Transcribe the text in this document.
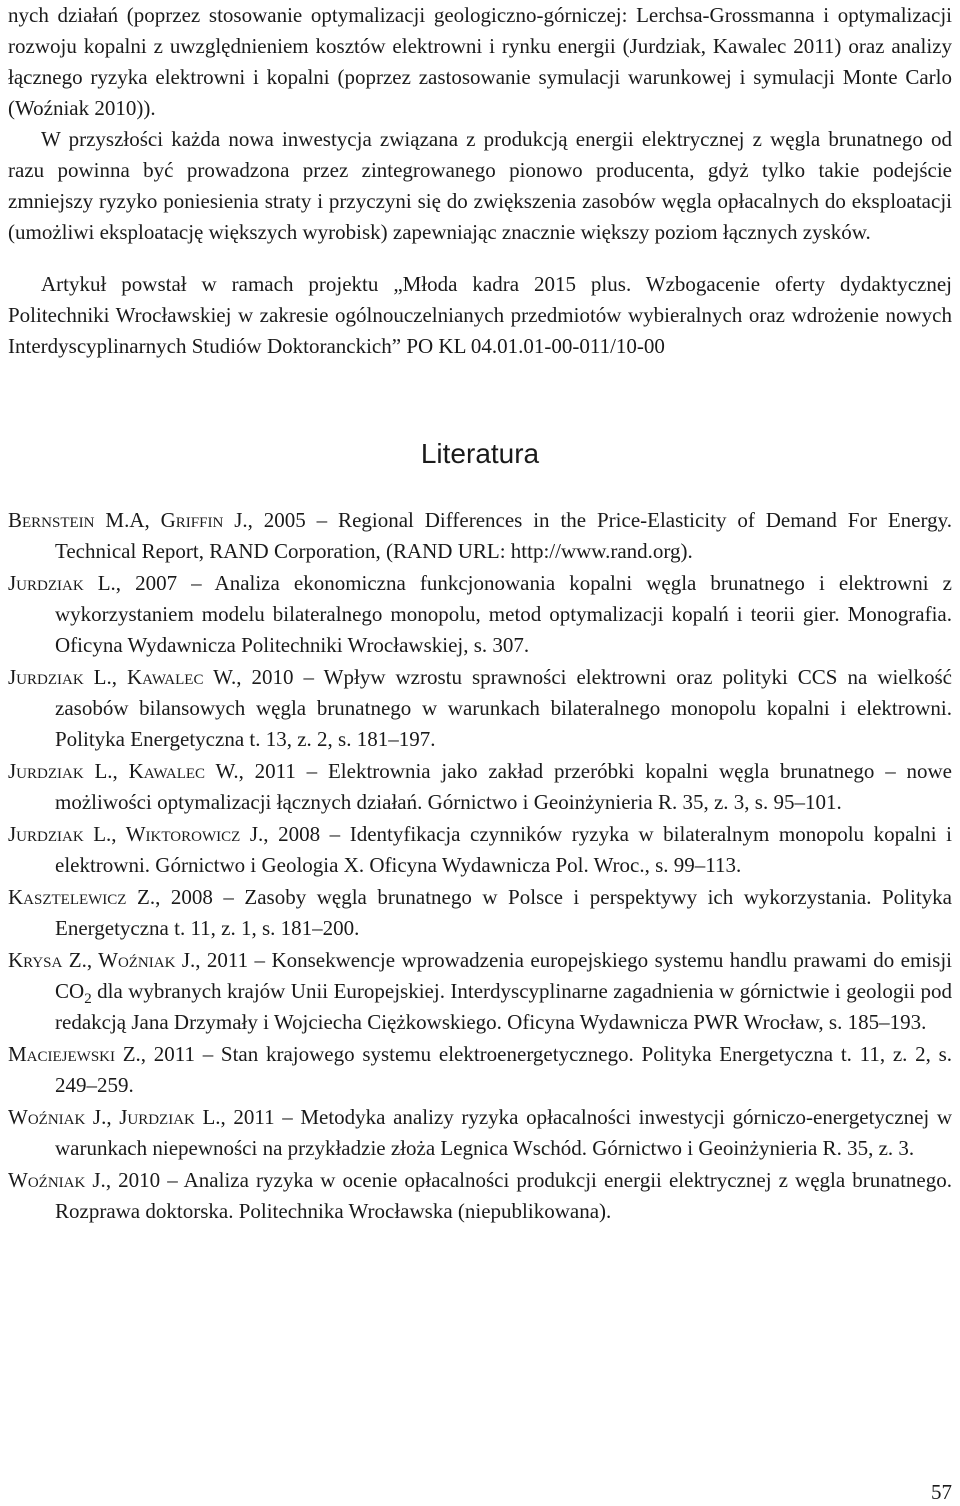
nych działań (poprzez stosowanie optymalizacji geologiczno-górniczej: Lerchsa-Grossmanna i optymalizacji rozwoju kopalni z uwzględnieniem kosztów elektrowni i rynku energii (Jurdziak, Kawalec 2011) oraz analizy łącznego ryzyka elektrowni i kopalni (poprzez zastosowanie symulacji warunkowej i symulacji Monte Carlo (Woźniak 2010)).

W przyszłości każda nowa inwestycja związana z produkcją energii elektrycznej z węgla brunatnego od razu powinna być prowadzona przez zintegrowanego pionowo producenta, gdyż tylko takie podejście zmniejszy ryzyko poniesienia straty i przyczyni się do zwiększenia zasobów węgla opłacalnych do eksploatacji (umożliwi eksploatację większych wyrobisk) zapewniając znacznie większy poziom łącznych zysków.

Artykuł powstał w ramach projektu „Młoda kadra 2015 plus. Wzbogacenie oferty dydaktycznej Politechniki Wrocławskiej w zakresie ogólnouczelnianych przedmiotów wybieralnych oraz wdrożenie nowych Interdyscyplinarnych Studiów Doktoranckich” PO KL 04.01.01-00-011/10-00

Literatura
Bernstein M.A, Griffin J., 2005 – Regional Differences in the Price-Elasticity of Demand For Energy. Technical Report, RAND Corporation, (RAND URL: http://www.rand.org).
Jurdziak L., 2007 – Analiza ekonomiczna funkcjonowania kopalni węgla brunatnego i elektrowni z wykorzystaniem modelu bilateralnego monopolu, metod optymalizacji kopalń i teorii gier. Monografia. Oficyna Wydawnicza Politechniki Wrocławskiej, s. 307.
Jurdziak L., Kawalec W., 2010 – Wpływ wzrostu sprawności elektrowni oraz polityki CCS na wielkość zasobów bilansowych węgla brunatnego w warunkach bilateralnego monopolu kopalni i elektrowni. Polityka Energetyczna t. 13, z. 2, s. 181–197.
Jurdziak L., Kawalec W., 2011 – Elektrownia jako zakład przeróbki kopalni węgla brunatnego – nowe możliwości optymalizacji łącznych działań. Górnictwo i Geoinżynieria R. 35, z. 3, s. 95–101.
Jurdziak L., Wiktorowicz J., 2008 – Identyfikacja czynników ryzyka w bilateralnym monopolu kopalni i elektrowni. Górnictwo i Geologia X. Oficyna Wydawnicza Pol. Wroc., s. 99–113.
Kasztelewicz Z., 2008 – Zasoby węgla brunatnego w Polsce i perspektywy ich wykorzystania. Polityka Energetyczna t. 11, z. 1, s. 181–200.
Krysa Z., Woźniak J., 2011 – Konsekwencje wprowadzenia europejskiego systemu handlu prawami do emisji $CO_2$ dla wybranych krajów Unii Europejskiej. Interdyscyplinarne zagadnienia w górnictwie i geologii pod redakcją Jana Drzymały i Wojciecha Ciężkowskiego. Oficyna Wydawnicza PWR Wrocław, s. 185–193.
Maciejewski Z., 2011 – Stan krajowego systemu elektroenergetycznego. Polityka Energetyczna t. 11, z. 2, s. 249–259.
Woźniak J., Jurdziak L., 2011 – Metodyka analizy ryzyka opłacalności inwestycji górniczo-energetycznej w warunkach niepewności na przykładzie złoża Legnica Wschód. Górnictwo i Geoinżynieria R. 35, z. 3.
Woźniak J., 2010 – Analiza ryzyka w ocenie opłacalności produkcji energii elektrycznej z węgla brunatnego. Rozprawa doktorska. Politechnika Wrocławska (niepublikowana).
57
